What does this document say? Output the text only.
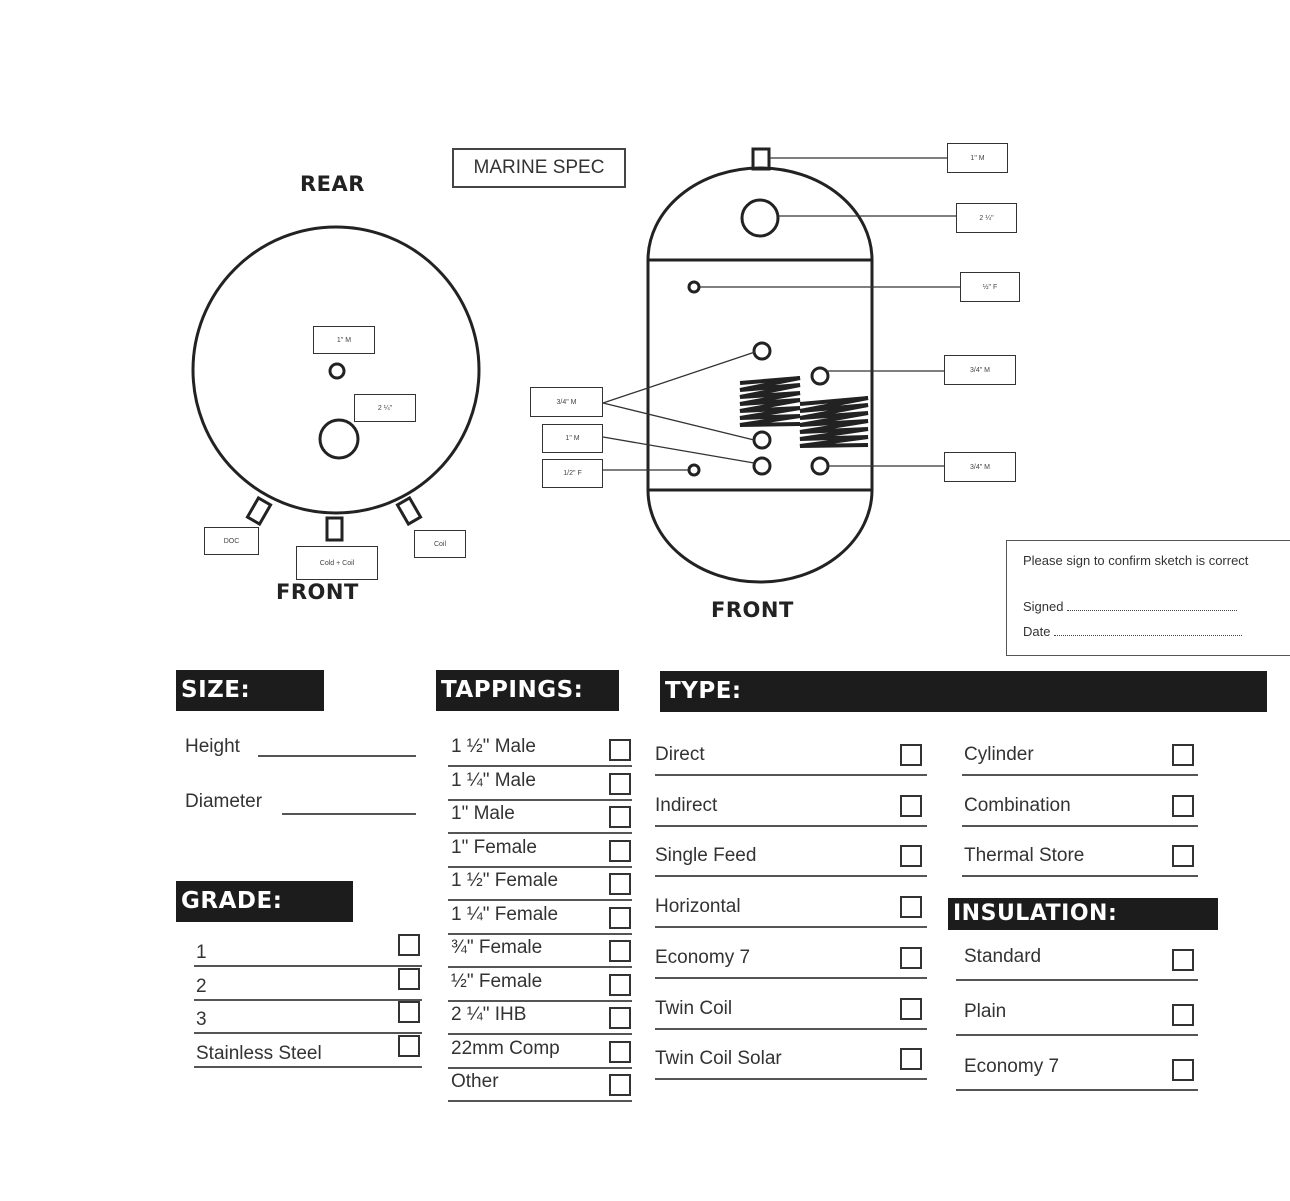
REAR
FRONT
FRONT
MARINE SPEC
1" M
2 ¼"
DOC
Cold + Coil
Coil
1" M
2 ¼"
½" F
3/4" M
3/4" M
3/4" M
1" M
1/2" F
Please sign to confirm sketch is correct
Signed
Date
SIZE:
Height
Diameter
GRADE:
1
2
3
Stainless Steel
TAPPINGS:
1 ½" Male
1 ¼" Male
1" Male
1" Female
1 ½" Female
1 ¼" Female
¾" Female
½" Female
2 ¼" IHB
22mm Comp
Other
TYPE:
Direct
Indirect
Single Feed
Horizontal
Economy 7
Twin Coil
Twin Coil Solar
Cylinder
Combination
Thermal Store
INSULATION:
Standard
Plain
Economy 7
